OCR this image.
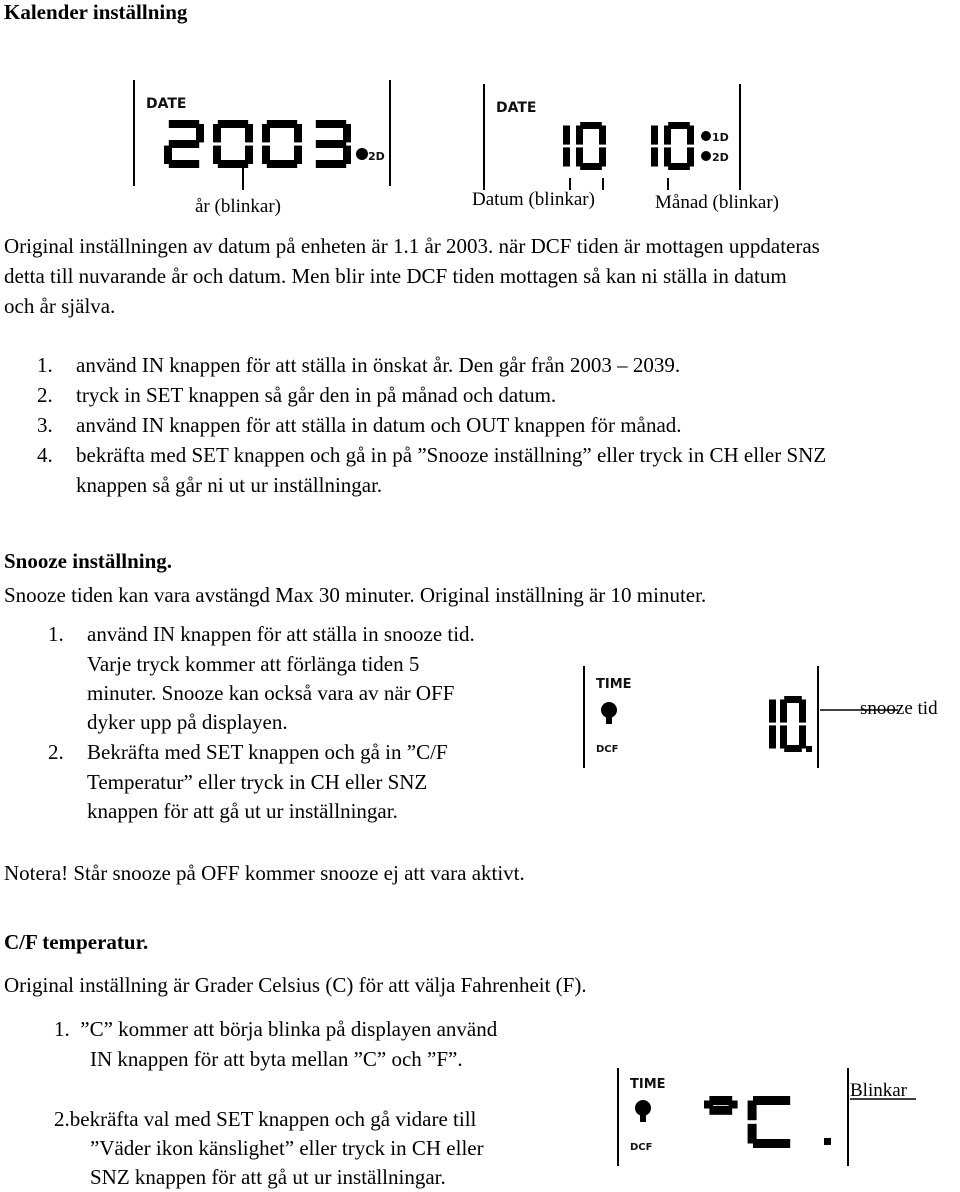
Kalender inställning
DATE
2D
DATE
1D
2D
år (blinkar)	Datum (blinkar)	Månad (blinkar)
Original inställningen av datum på enheten är 1.1 år 2003. när DCF tiden är mottagen uppdateras
detta till nuvarande år och datum. Men blir inte DCF tiden mottagen så kan ni ställa in datum
och år själva.
1. använd IN knappen för att ställa in önskat år. Den går från 2003 – 2039.
2. tryck in SET knappen så går den in på månad och datum.
3. använd IN knappen för att ställa in datum och OUT knappen för månad.
4. bekräfta med SET knappen och gå in på ”Snooze inställning” eller tryck in CH eller SNZ
knappen så går ni ut ur inställningar.
Snooze inställning.
Snooze tiden kan vara avstängd Max 30 minuter. Original inställning är 10 minuter.
1. använd IN knappen för att ställa in snooze tid.
Varje tryck kommer att förlänga tiden 5
minuter. Snooze kan också vara av när OFF
dyker upp på displayen.
2. Bekräfta med SET knappen och gå in ”C/F
Temperatur” eller tryck in CH eller SNZ
knappen för att gå ut ur inställningar.
TIME
DCF
snooze tid
Notera! Står snooze på OFF kommer snooze ej att vara aktivt.
C/F temperatur.
Original inställning är Grader Celsius (C) för att välja Fahrenheit (F).
1.  ”C” kommer att börja blinka på displayen använd
IN knappen för att byta mellan ”C” och ”F”.
2.bekräfta val med SET knappen och gå vidare till
”Väder ikon känslighet” eller tryck in CH eller
SNZ knappen för att gå ut ur inställningar.
TIME
DCF
Blinkar
